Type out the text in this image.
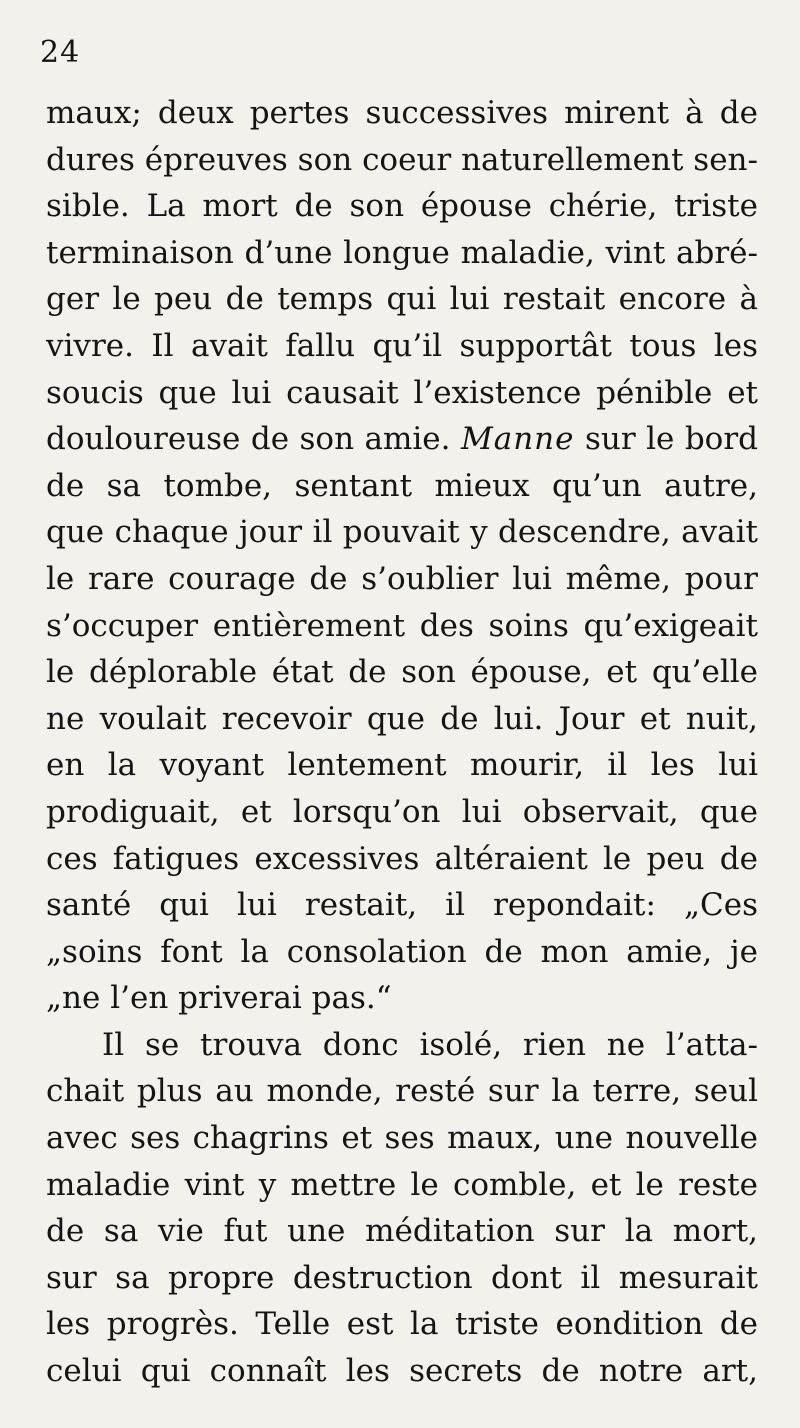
24
maux; deux pertes successives mirent à de
dures épreuves son coeur naturellement sen-
sible. La mort de son épouse chérie, triste
terminaison d’une longue maladie, vint abré-
ger le peu de temps qui lui restait encore à
vivre. Il avait fallu qu’il supportât tous les
soucis que lui causait l’existence pénible et
douloureuse de son amie. Manne sur le bord
de sa tombe, sentant mieux qu’un autre,
que chaque jour il pouvait y descendre, avait
le rare courage de s’oublier lui même, pour
s’occuper entièrement des soins qu’exigeait
le déplorable état de son épouse, et qu’elle
ne voulait recevoir que de lui. Jour et nuit,
en la voyant lentement mourir, il les lui
prodiguait, et lorsqu’on lui observait, que
ces fatigues excessives altéraient le peu de
santé qui lui restait, il repondait: „Ces
„soins font la consolation de mon amie, je
„ne l’en priverai pas.“
Il se trouva donc isolé, rien ne l’atta-
chait plus au monde, resté sur la terre, seul
avec ses chagrins et ses maux, une nouvelle
maladie vint y mettre le comble, et le reste
de sa vie fut une méditation sur la mort,
sur sa propre destruction dont il mesurait
les progrès. Telle est la triste eondition de
celui qui connaît les secrets de notre art,
